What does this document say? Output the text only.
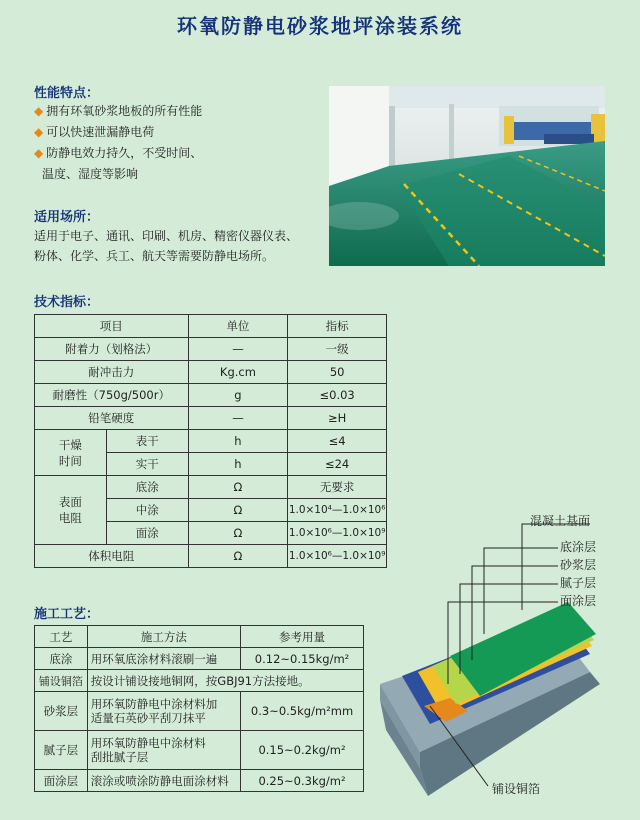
环氧防静电砂浆地坪涂装系统
性能特点：
◆ 拥有环氧砂浆地板的所有性能
◆ 可以快速泄漏静电荷
◆ 防静电效力持久，不受时间、
温度、湿度等影响
适用场所：
适用于电子、通讯、印刷、机房、精密仪器仪表、
粉体、化学、兵工、航天等需要防静电场所。
技术指标：
项目		单位	指标
附着力（划格法）		—	一级
耐冲击力		Kg.cm	50
耐磨性（750g/500r）		g	≤0.03
铅笔硬度		—	≥H
干燥
时间	表干	h	≤4
	实干	h	≤24
表面
电阻	底涂	Ω	无要求
	中涂	Ω	1.0×10⁴—1.0×10⁶
	面涂	Ω	1.0×10⁶—1.0×10⁹
体积电阻		Ω	1.0×10⁶—1.0×10⁹
施工工艺：
工艺	施工方法	参考用量
底涂	用环氧底涂材料滚刷一遍	0.12~0.15kg/m²
铺设铜箔	按设计铺设接地铜网，按GBJ91方法接地。	
砂浆层	用环氧防静电中涂材料加
适量石英砂平刮刀抹平	0.3~0.5kg/m²mm
腻子层	用环氧防静电中涂材料
刮批腻子层	0.15~0.2kg/m²
面涂层	滚涂或喷涂防静电面涂材料	0.25~0.3kg/m²
混凝土基面
底涂层
砂浆层
腻子层
面涂层
铺设铜箔
